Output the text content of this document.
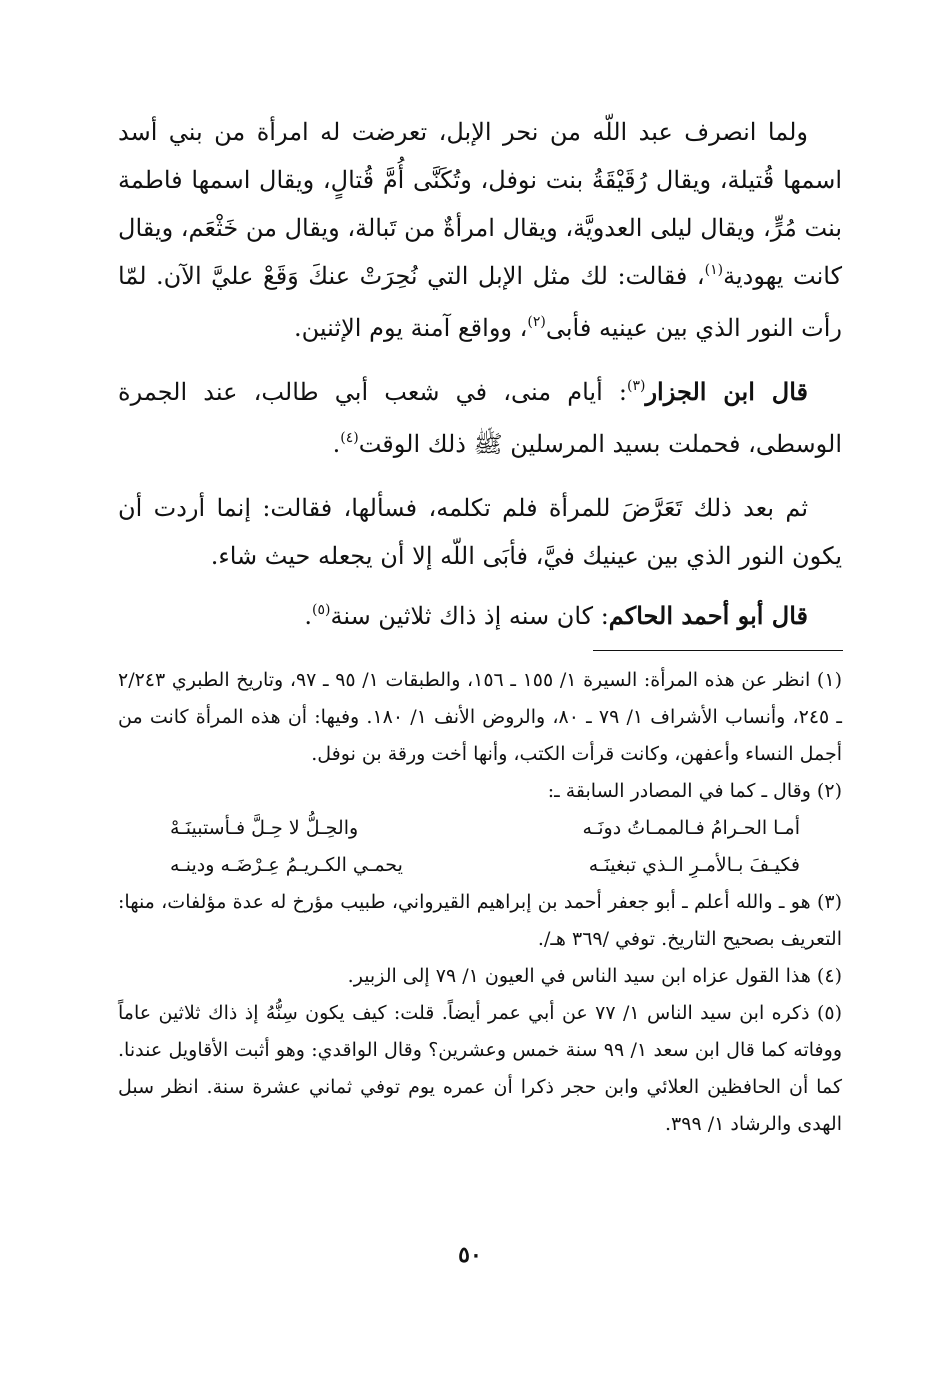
ولما انصرف عبد اللّه من نحر الإبل، تعرضت له امرأة من بني أسد اسمها قُتيلة، ويقال رُقَيْقَةُ بنت نوفل، وتُكَنَّى أُمَّ قُتالٍ، ويقال اسمها فاطمة بنت مُرٍّ، ويقال ليلى العدويَّة، ويقال امرأةٌ من تَبالة، ويقال من خَثْعَم، ويقال كانت يهودية$^{(١)}$، فقالت: لك مثل الإبل التي نُحِرَتْ عنكَ وَقَعْ عليَّ الآن. لمّا رأت النور الذي بين عينيه فأبى$^{(٢)}$، وواقع آمنة يوم الإثنين.

قال ابن الجزار$^{(٣)}$: أيام منى، في شعب أبي طالب، عند الجمرة الوسطى، فحملت بسيد المرسلين ﷺ ذلك الوقت$^{(٤)}$.

ثم بعد ذلك تَعَرَّضَ للمرأة فلم تكلمه، فسألها، فقالت: إنما أردت أن يكون النور الذي بين عينيك فيَّ، فأبَى اللّه إلا أن يجعله حيث شاء.

قال أبو أحمد الحاكم: كان سنه إذ ذاك ثلاثين سنة$^{(٥)}$.

(١) انظر عن هذه المرأة: السيرة ١/ ١٥٥ ـ ١٥٦، والطبقات ١/ ٩٥ ـ ٩٧، وتاريخ الطبري ٢/٢٤٣ ـ ٢٤٥، وأنساب الأشراف ١/ ٧٩ ـ ٨٠، والروض الأنف ١/ ١٨٠. وفيها: أن هذه المرأة كانت من أجمل النساء وأعفهن، وكانت قرأت الكتب، وأنها أخت ورقة بن نوفل.

(٢) وقال ـ كما في المصادر السابقة ـ:

أمـا الحـرامُ فـالممـاتُ دونَـه
والحِـلُّ لا حِـلَّ فـأستبينَـهْ
فكيـفَ بـالأمـرِ الـذي تبغينَـه
يحمـي الكـريـمُ عِـرْضَـه ودينـه

(٣) هو ـ والله أعلم ـ أبو جعفر أحمد بن إبراهيم القيرواني، طبيب مؤرخ له عدة مؤلفات، منها: التعريف بصحيح التاريخ. توفي /٣٦٩ هـ/.

(٤) هذا القول عزاه ابن سيد الناس في العيون ١/ ٧٩ إلى الزبير.

(٥) ذكره ابن سيد الناس ١/ ٧٧ عن أبي عمر أيضاً. قلت: كيف يكون سِنُّهُ إذ ذاك ثلاثين عاماً ووفاته كما قال ابن سعد ١/ ٩٩ سنة خمس وعشرين؟ وقال الواقدي: وهو أثبت الأقاويل عندنا. كما أن الحافظين العلائي وابن حجر ذكرا أن عمره يوم توفي ثماني عشرة سنة. انظر سبل الهدى والرشاد ١/ ٣٩٩.

٥٠
